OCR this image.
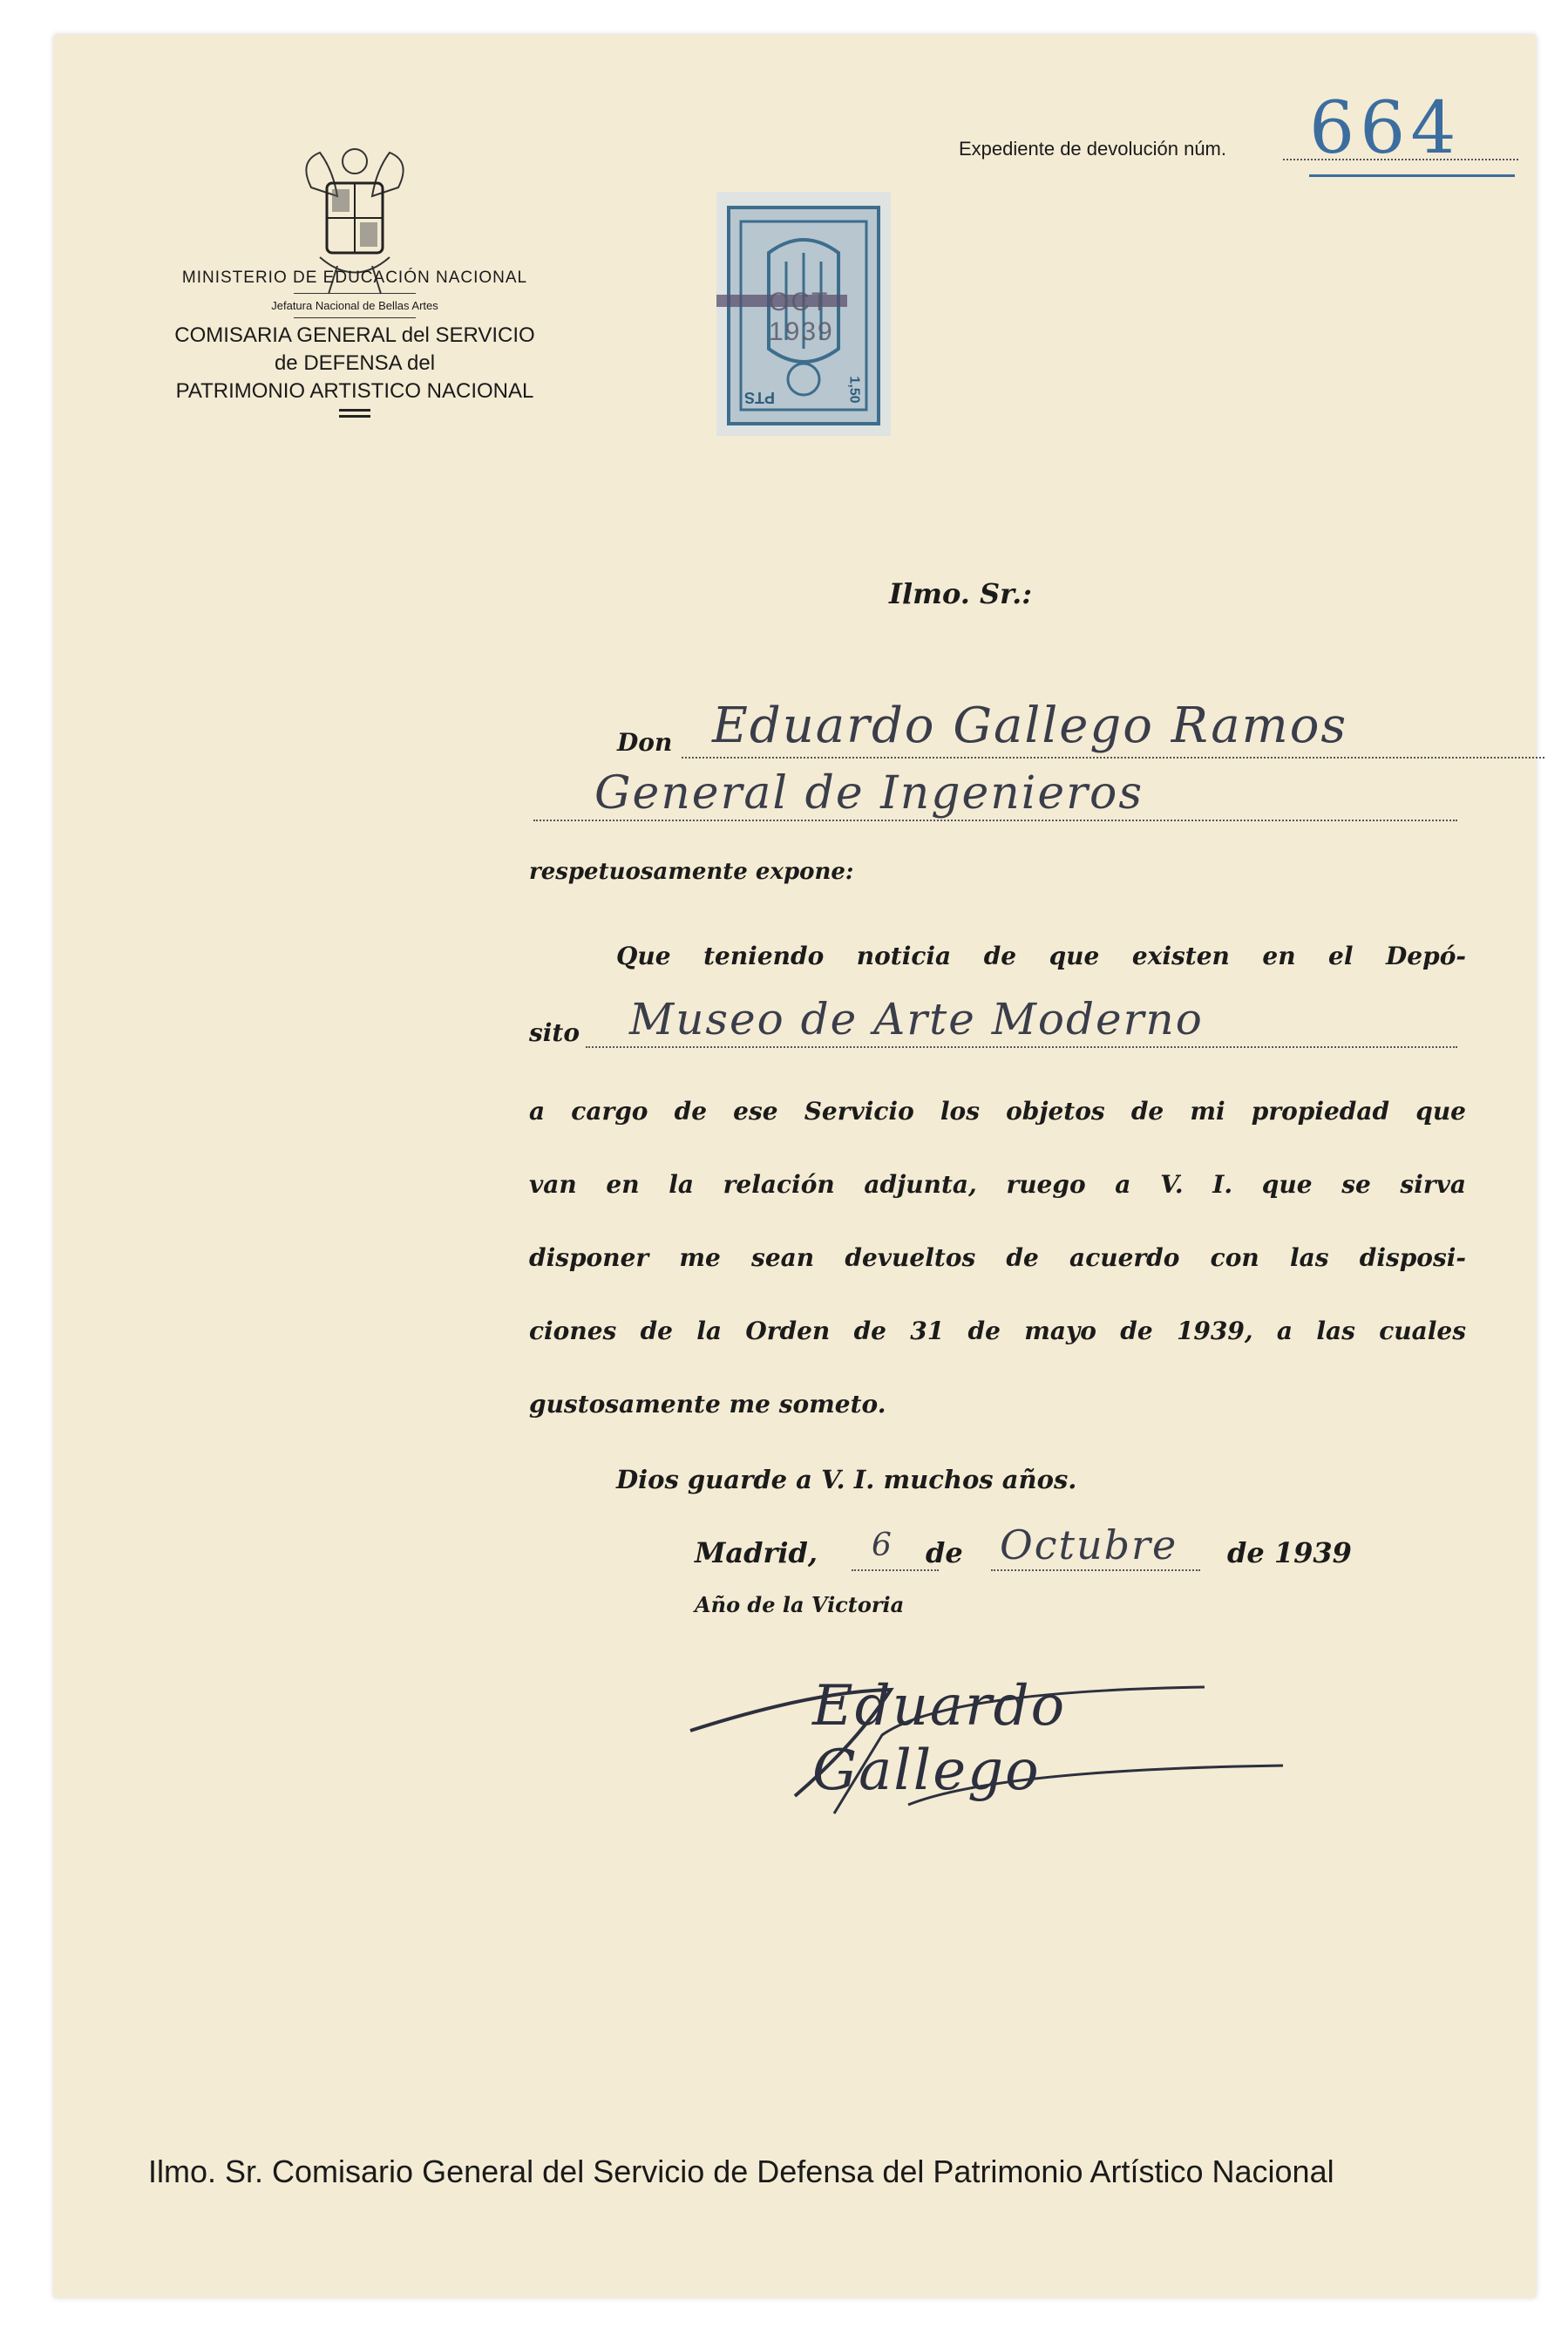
MINISTERIO DE EDUCACIÓN NACIONAL
Jefatura Nacional de Bellas Artes
COMISARIA GENERAL del SERVICIO
de DEFENSA del
PATRIMONIO ARTISTICO NACIONAL	PTS	1,50
OCT 1939
Expediente de devolución núm. 664
Ilmo. Sr.:
Don Eduardo Gallego Ramos
General de Ingenieros
respetuosamente expone:
Que teniendo noticia de que existen en el Depó-
sito Museo de Arte Moderno
a cargo de ese Servicio los objetos de mi propiedad que
van en la relación adjunta, ruego a V. I. que se sirva
disponer me sean devueltos de acuerdo con las disposi-
ciones de la Orden de 31 de mayo de 1939, a las cuales
gustosamente me someto.
Dios guarde a V. I. muchos años.
Madrid, 6 de Octubre de 1939
Año de la Victoria
Eduardo Gallego
Ilmo. Sr. Comisario General del Servicio de Defensa del Patrimonio Artístico Nacional
